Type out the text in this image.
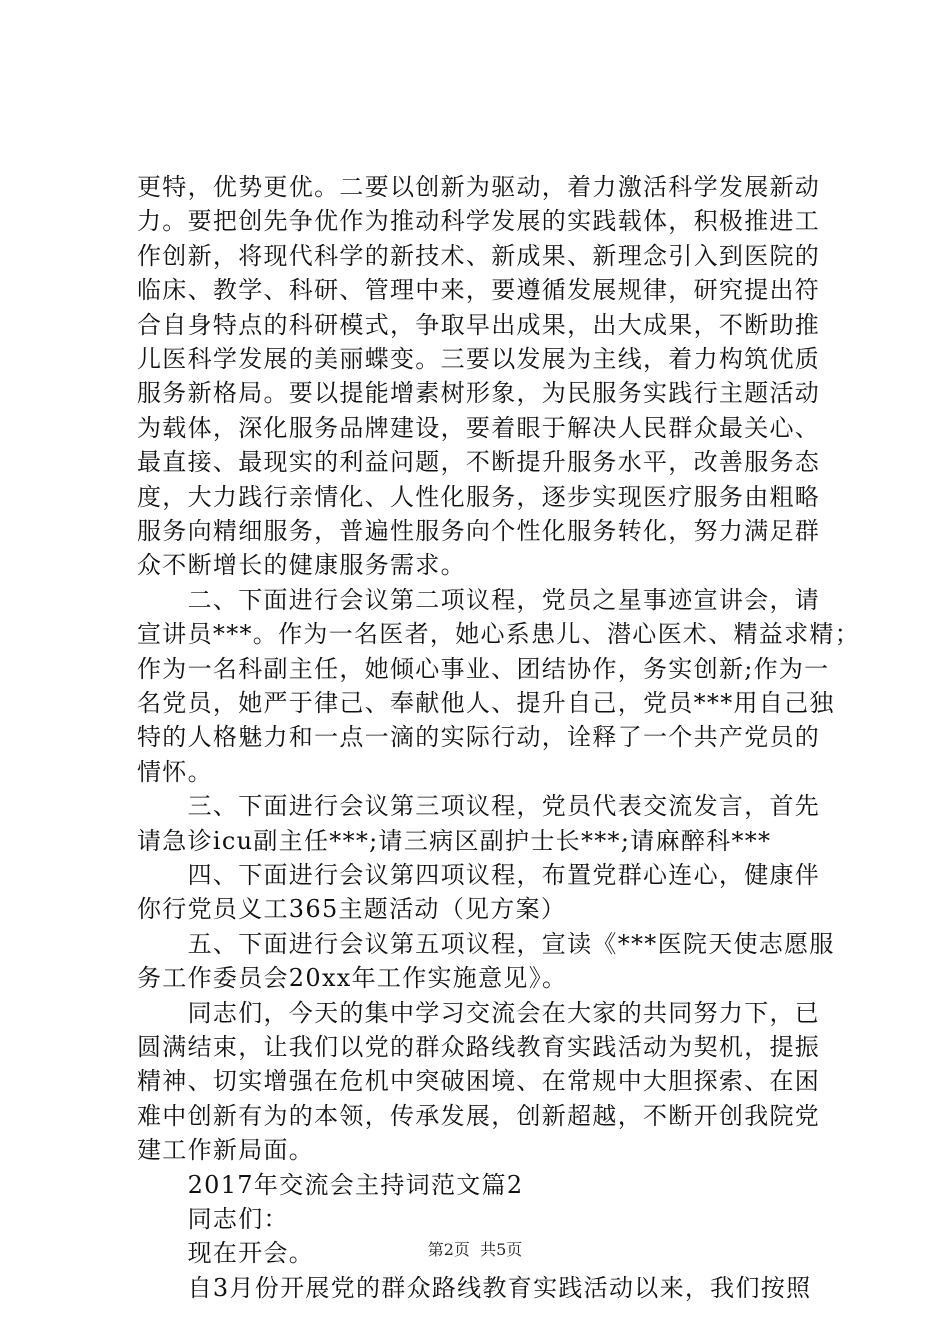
更特，优势更优。二要以创新为驱动，着力激活科学发展新动
力。要把创先争优作为推动科学发展的实践载体，积极推进工
作创新，将现代科学的新技术、新成果、新理念引入到医院的
临床、教学、科研、管理中来，要遵循发展规律，研究提出符
合自身特点的科研模式，争取早出成果，出大成果，不断助推
儿医科学发展的美丽蝶变。三要以发展为主线，着力构筑优质
服务新格局。要以提能增素树形象，为民服务实践行主题活动
为载体，深化服务品牌建设，要着眼于解决人民群众最关心、
最直接、最现实的利益问题，不断提升服务水平，改善服务态
度，大力践行亲情化、人性化服务，逐步实现医疗服务由粗略
服务向精细服务，普遍性服务向个性化服务转化，努力满足群
众不断增长的健康服务需求。
　　二、下面进行会议第二项议程，党员之星事迹宣讲会，请
宣讲员***。作为一名医者，她心系患儿、潜心医术、精益求精；
作为一名科副主任，她倾心事业、团结协作，务实创新;作为一
名党员，她严于律己、奉献他人、提升自己，党员***用自己独
特的人格魅力和一点一滴的实际行动，诠释了一个共产党员的
情怀。
　　三、下面进行会议第三项议程，党员代表交流发言，首先
请急诊icu副主任***;请三病区副护士长***;请麻醉科***
　　四、下面进行会议第四项议程，布置党群心连心，健康伴
你行党员义工365主题活动（见方案）
　　五、下面进行会议第五项议程，宣读《***医院天使志愿服
务工作委员会20xx年工作实施意见》。
　　同志们，今天的集中学习交流会在大家的共同努力下，已
圆满结束，让我们以党的群众路线教育实践活动为契机，提振
精神、切实增强在危机中突破困境、在常规中大胆探索、在困
难中创新有为的本领，传承发展，创新超越，不断开创我院党
建工作新局面。
　　2017年交流会主持词范文篇2
　　同志们：
　　现在开会。
　　自3月份开展党的群众路线教育实践活动以来，我们按照
第2页  共5页
